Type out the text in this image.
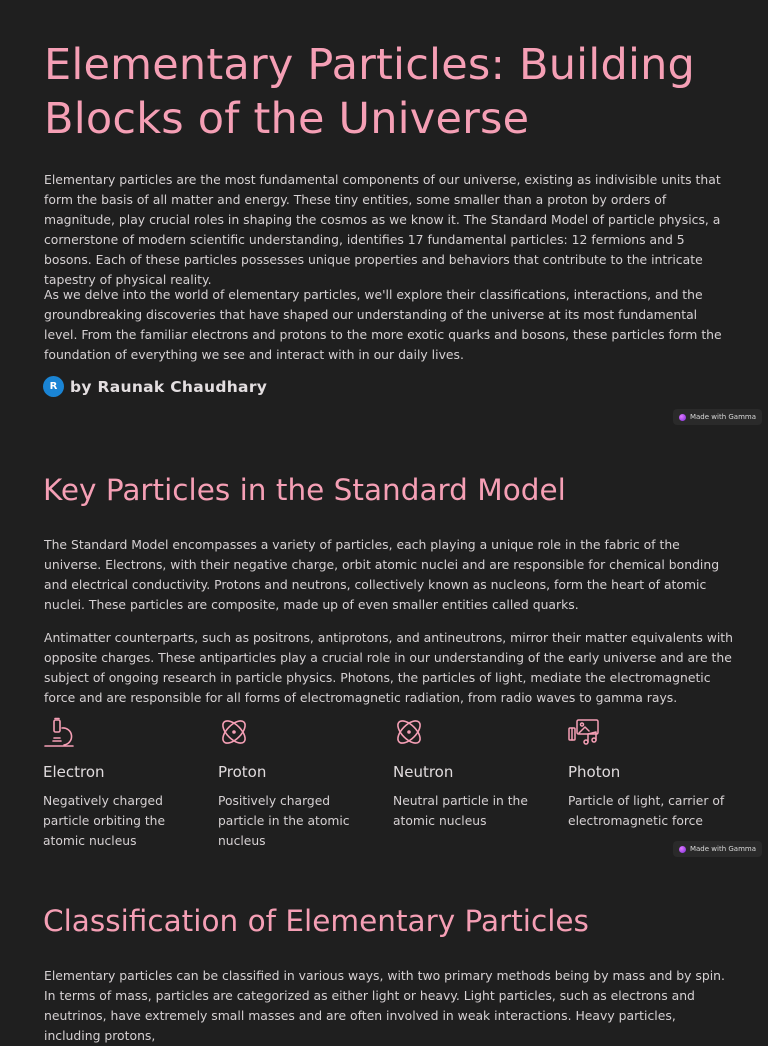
Elementary Particles: Building Blocks of the Universe

Elementary particles are the most fundamental components of our universe, existing as indivisible units that form the basis of all matter and energy. These tiny entities, some smaller than a proton by orders of magnitude, play crucial roles in shaping the cosmos as we know it. The Standard Model of particle physics, a cornerstone of modern scientific understanding, identifies 17 fundamental particles: 12 fermions and 5 bosons. Each of these particles possesses unique properties and behaviors that contribute to the intricate tapestry of physical reality.

As we delve into the world of elementary particles, we'll explore their classifications, interactions, and the groundbreaking discoveries that have shaped our understanding of the universe at its most fundamental level. From the familiar electrons and protons to the more exotic quarks and bosons, these particles form the foundation of everything we see and interact with in our daily lives.

R by Raunak Chaudhary
Made with Gamma
Key Particles in the Standard Model

The Standard Model encompasses a variety of particles, each playing a unique role in the fabric of the universe. Electrons, with their negative charge, orbit atomic nuclei and are responsible for chemical bonding and electrical conductivity. Protons and neutrons, collectively known as nucleons, form the heart of atomic nuclei. These particles are composite, made up of even smaller entities called quarks.

Antimatter counterparts, such as positrons, antiprotons, and antineutrons, mirror their matter equivalents with opposite charges. These antiparticles play a crucial role in our understanding of the early universe and are the subject of ongoing research in particle physics. Photons, the particles of light, mediate the electromagnetic force and are responsible for all forms of electromagnetic radiation, from radio waves to gamma rays.

Electron
Negatively charged particle orbiting the atomic nucleus
Proton
Positively charged particle in the atomic nucleus
Neutron
Neutral particle in the atomic nucleus
Photon
Particle of light, carrier of electromagnetic force
Made with Gamma
Classification of Elementary Particles

Elementary particles can be classified in various ways, with two primary methods being by mass and by spin. In terms of mass, particles are categorized as either light or heavy. Light particles, such as electrons and neutrinos, have extremely small masses and are often involved in weak interactions. Heavy particles, including protons,
